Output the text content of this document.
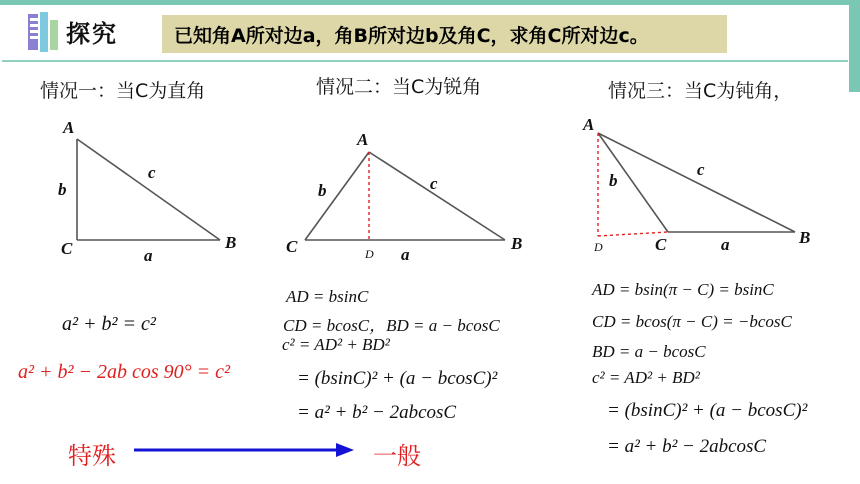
探究	已知角A所对边a，角B所对边b及角C，求角C所对边c。
情况一：当C为直角	情况二：当C为锐角	情况三：当C为钝角，
A
b
c
C	B
a
A
b	c
C	B
D a
A
b
c
D	C	B
a
a² + b² = c²
a² + b² − 2ab cos 90° = c²
AD = bsinC
CD = bcosC，BD = a − bcosC
c² = AD² + BD²
= (bsinC)² + (a − bcosC)²
= a² + b² − 2abcosC
AD = bsin(π − C) = bsinC
CD = bcos(π − C) = −bcosC
BD = a − bcosC
c² = AD² + BD²
= (bsinC)² + (a − bcosC)²
= a² + b² − 2abcosC
特殊	一般
